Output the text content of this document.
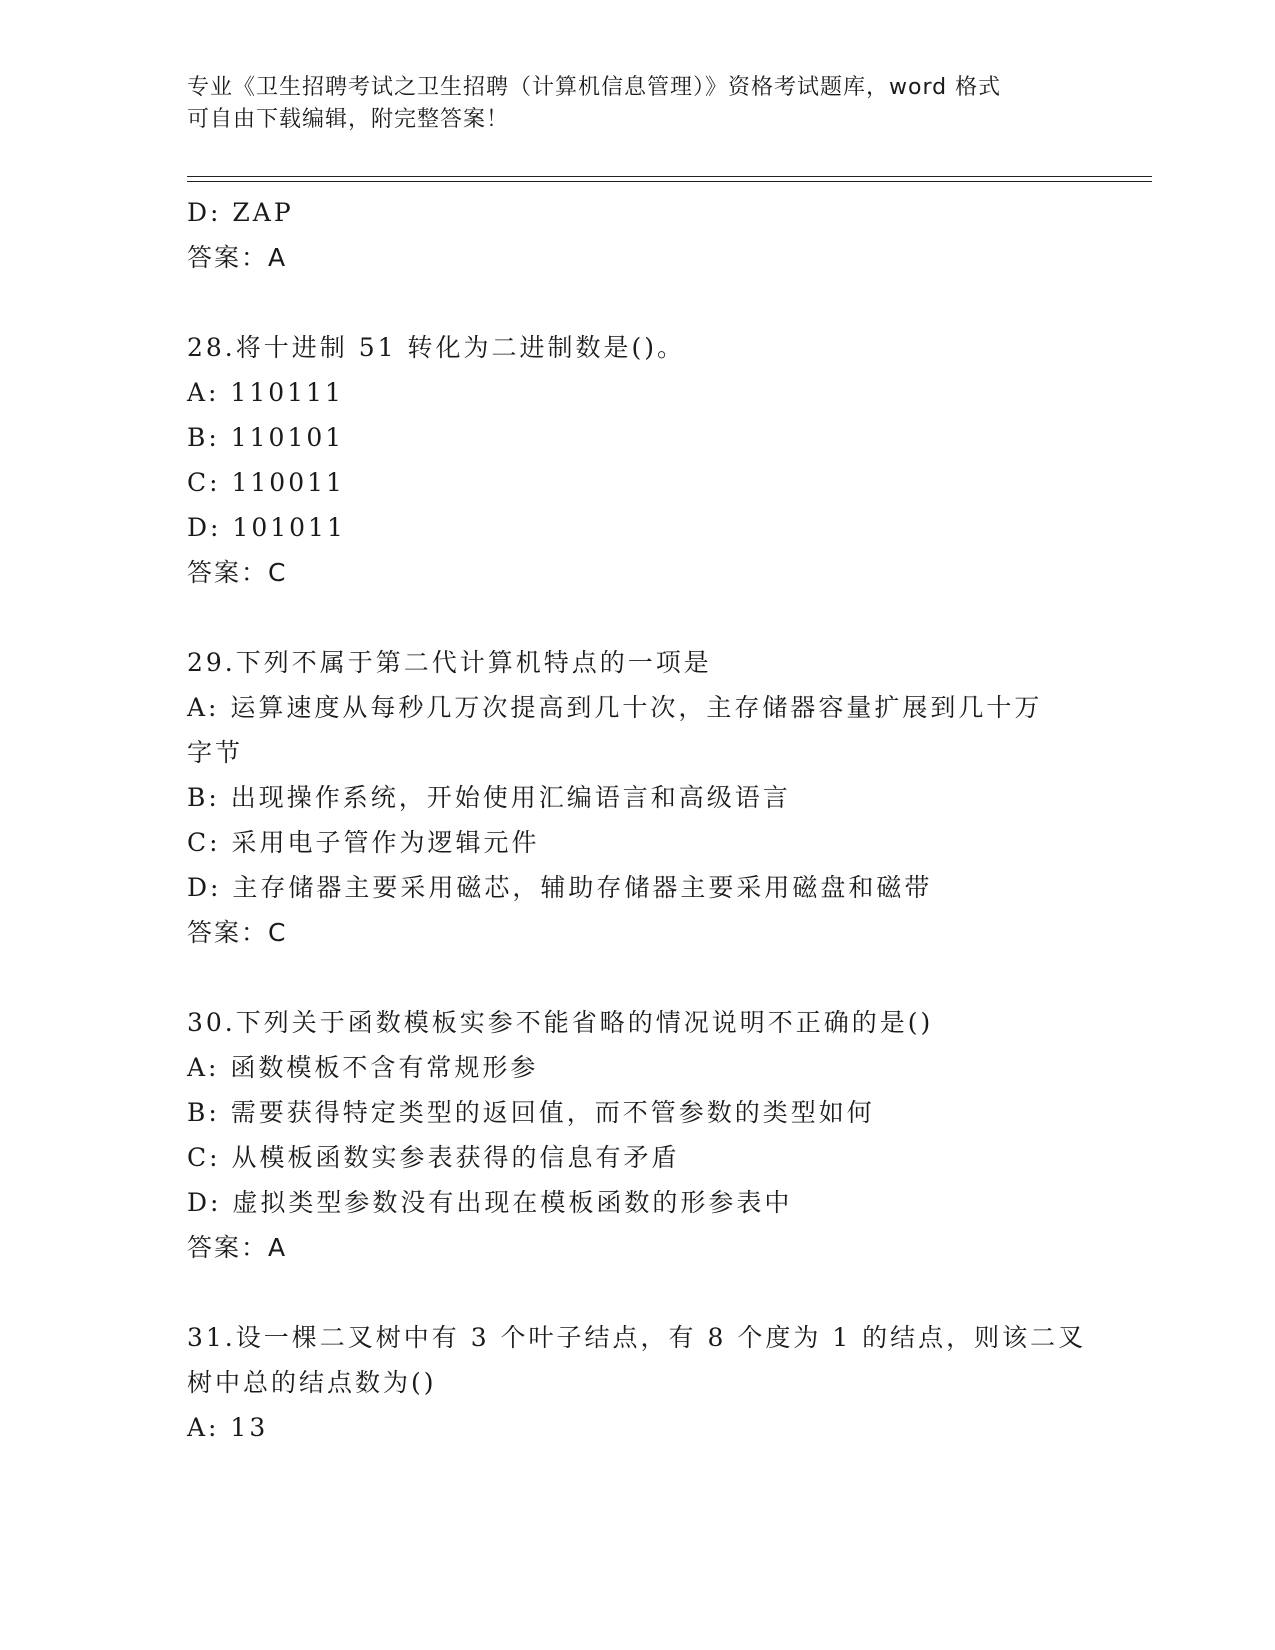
专业《卫生招聘考试之卫生招聘（计算机信息管理）》资格考试题库，word 格式
可自由下载编辑，附完整答案！
D: ZAP
答案：A
28.将十进制 51 转化为二进制数是()。
A: 110111
B: 110101
C: 110011
D: 101011
答案：C
29.下列不属于第二代计算机特点的一项是
A: 运算速度从每秒几万次提高到几十次，主存储器容量扩展到几十万
字节
B: 出现操作系统，开始使用汇编语言和高级语言
C: 采用电子管作为逻辑元件
D: 主存储器主要采用磁芯，辅助存储器主要采用磁盘和磁带
答案：C
30.下列关于函数模板实参不能省略的情况说明不正确的是()
A: 函数模板不含有常规形参
B: 需要获得特定类型的返回值，而不管参数的类型如何
C: 从模板函数实参表获得的信息有矛盾
D: 虚拟类型参数没有出现在模板函数的形参表中
答案：A
31.设一棵二叉树中有 3 个叶子结点，有 8 个度为 1 的结点，则该二叉
树中总的结点数为()
A: 13
